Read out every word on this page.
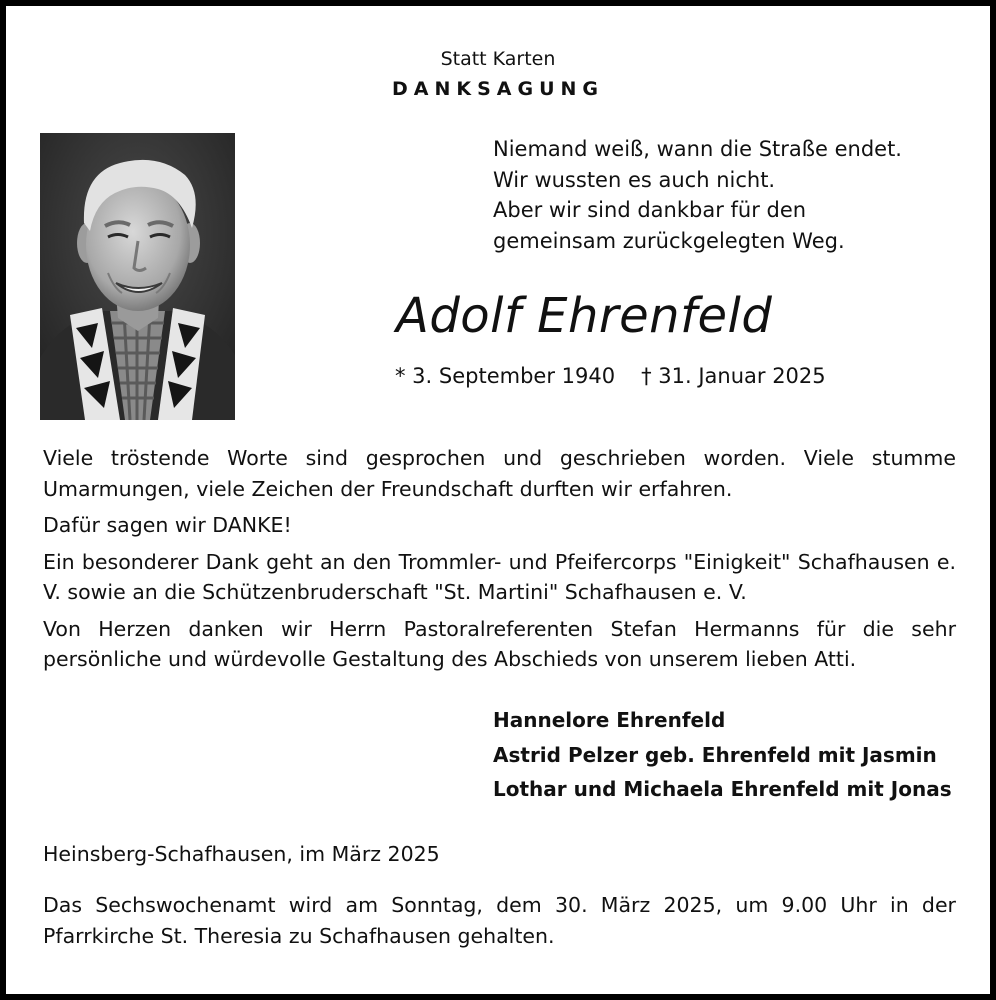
Statt Karten
DANKSAGUNG
Niemand weiß, wann die Straße endet.
Wir wussten es auch nicht.
Aber wir sind dankbar für den
gemeinsam zurückgelegten Weg.
Adolf Ehrenfeld
* 3. September 1940 † 31. Januar 2025

Viele tröstende Worte sind gesprochen und geschrieben worden. Viele stumme Umarmungen, viele Zeichen der Freundschaft durften wir erfahren.

Dafür sagen wir DANKE!

Ein besonderer Dank geht an den Trommler- und Pfeifercorps "Einigkeit" Schafhausen e. V. sowie an die Schützenbruderschaft "St. Martini" Schafhausen e. V.

Von Herzen danken wir Herrn Pastoralreferenten Stefan Hermanns für die sehr persönliche und würdevolle Gestaltung des Abschieds von unserem lieben Atti.

Hannelore Ehrenfeld
Astrid Pelzer geb. Ehrenfeld mit Jasmin
Lothar und Michaela Ehrenfeld mit Jonas
Heinsberg-Schafhausen, im März 2025
Das Sechswochenamt wird am Sonntag, dem 30. März 2025, um 9.00 Uhr in der Pfarrkirche St. Theresia zu Schafhausen gehalten.
